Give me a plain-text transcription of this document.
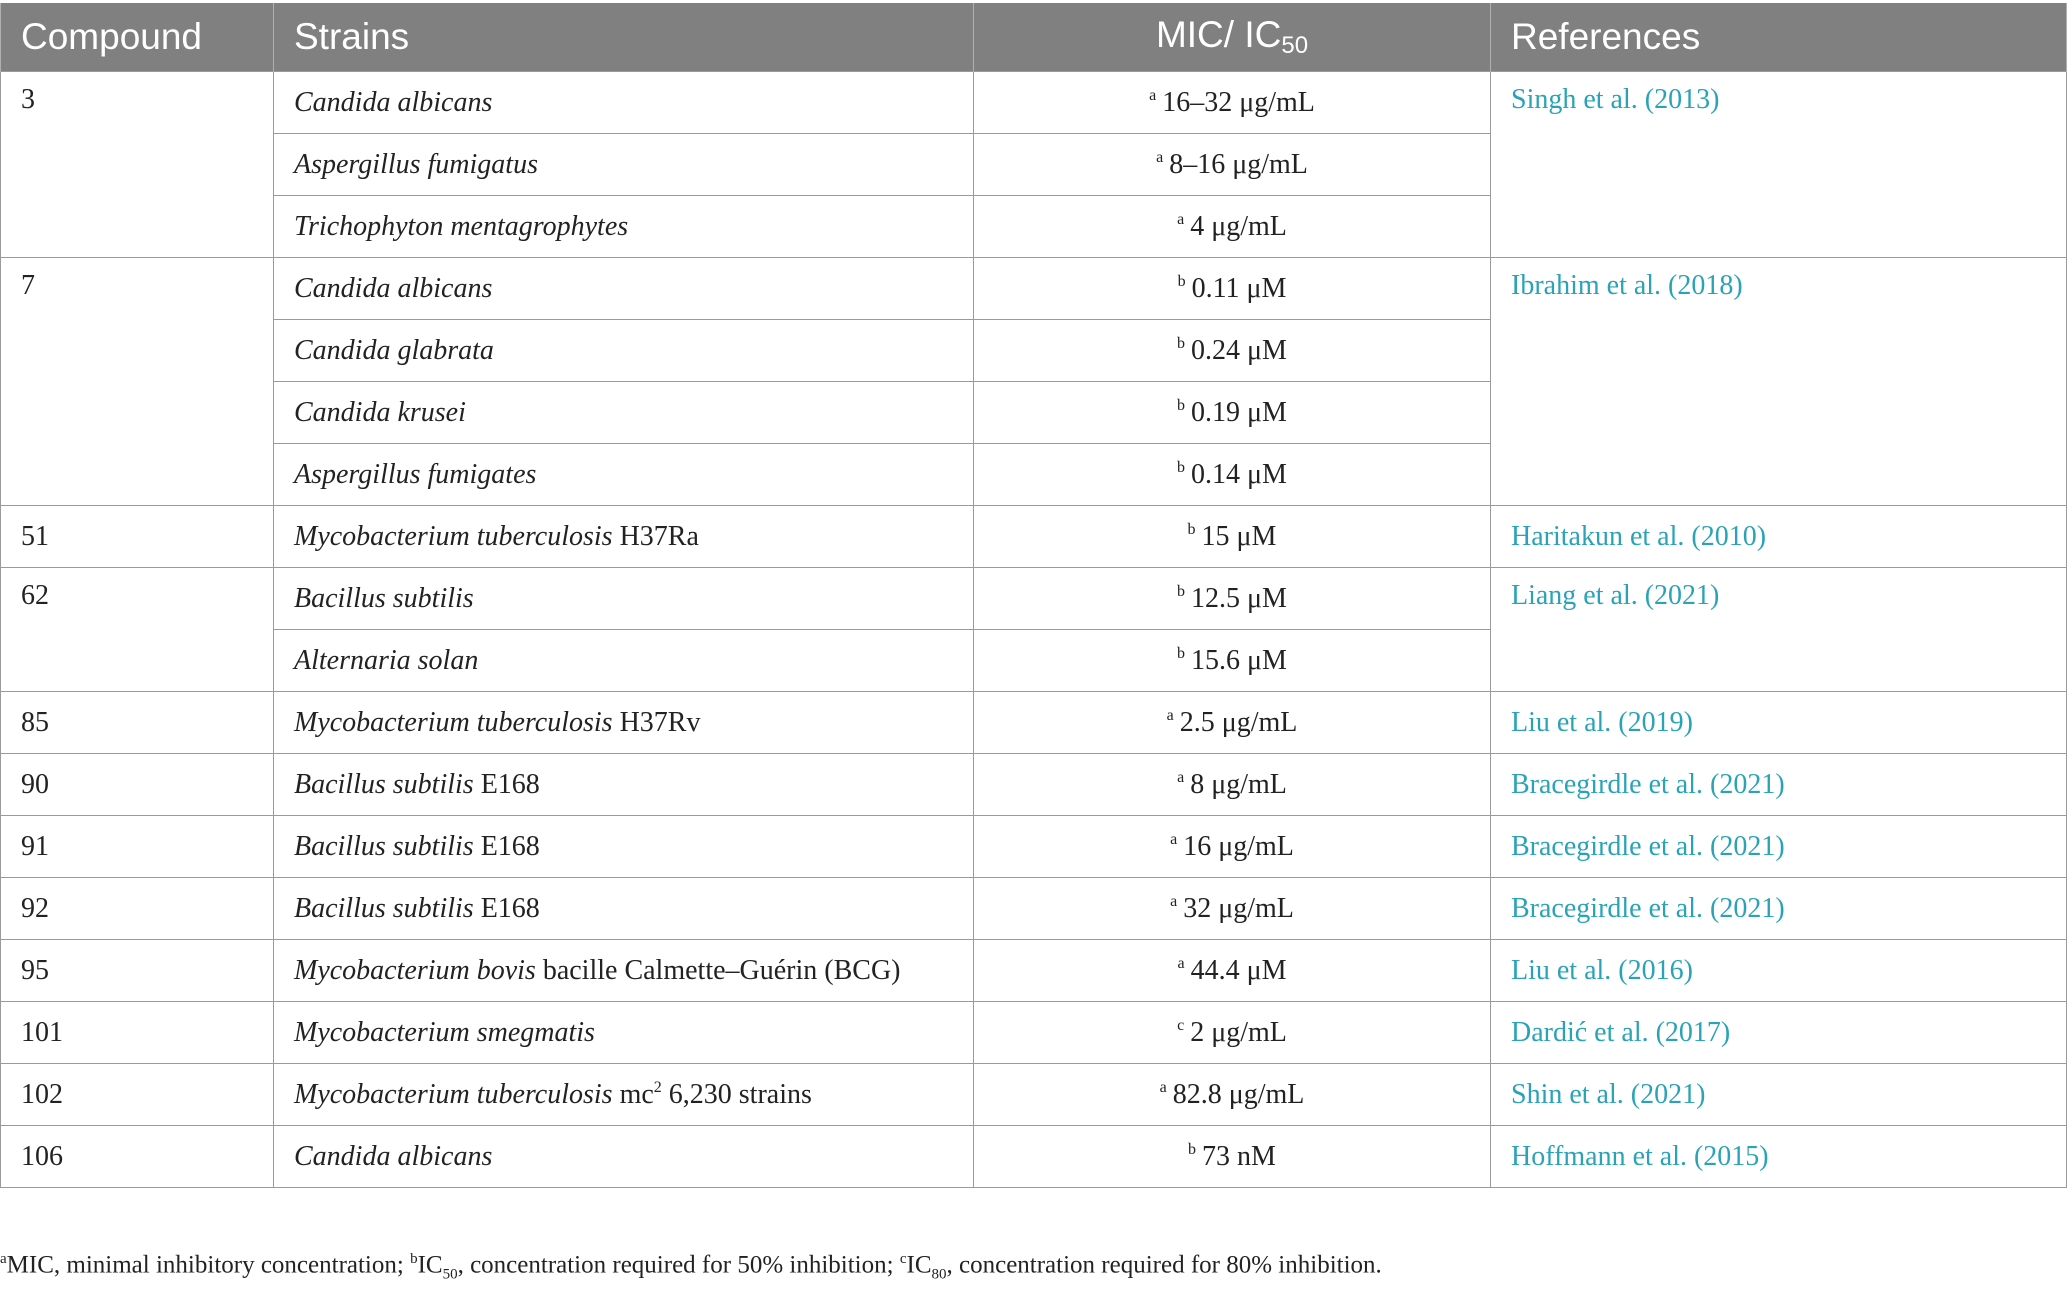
Compound	Strains	MIC/ $IC_{50}$	References
3	Candida albicans	$^a$ 16–32 μg/mL	Singh et al. (2013)
	Aspergillus fumigatus	$^a$ 8–16 μg/mL	
	Trichophyton mentagrophytes	$^a$ 4 μg/mL	
7	Candida albicans	$^b$ 0.11 μM	Ibrahim et al. (2018)
	Candida glabrata	$^b$ 0.24 μM	
	Candida krusei	$^b$ 0.19 μM	
	Aspergillus fumigates	$^b$ 0.14 μM	
51	Mycobacterium tuberculosis H37Ra	$^b$ 15 μM	Haritakun et al. (2010)
62	Bacillus subtilis	$^b$ 12.5 μM	Liang et al. (2021)
	Alternaria solan	$^b$ 15.6 μM	
85	Mycobacterium tuberculosis H37Rv	$^a$ 2.5 μg/mL	Liu et al. (2019)
90	Bacillus subtilis E168	$^a$ 8 μg/mL	Bracegirdle et al. (2021)
91	Bacillus subtilis E168	$^a$ 16 μg/mL	Bracegirdle et al. (2021)
92	Bacillus subtilis E168	$^a$ 32 μg/mL	Bracegirdle et al. (2021)
95	Mycobacterium bovis bacille Calmette–Guérin (BCG)	$^a$ 44.4 μM	Liu et al. (2016)
101	Mycobacterium smegmatis	$^c$ 2 μg/mL	Dardić et al. (2017)
102	Mycobacterium tuberculosis $mc^2$ 6,230 strains	$^a$ 82.8 μg/mL	Shin et al. (2021)
106	Candida albicans	$^b$ 73 nM	Hoffmann et al. (2015)
$^a$MIC, minimal inhibitory concentration; $^bIC_{50}$, concentration required for 50% inhibition; $^cIC_{80}$, concentration required for 80% inhibition.
